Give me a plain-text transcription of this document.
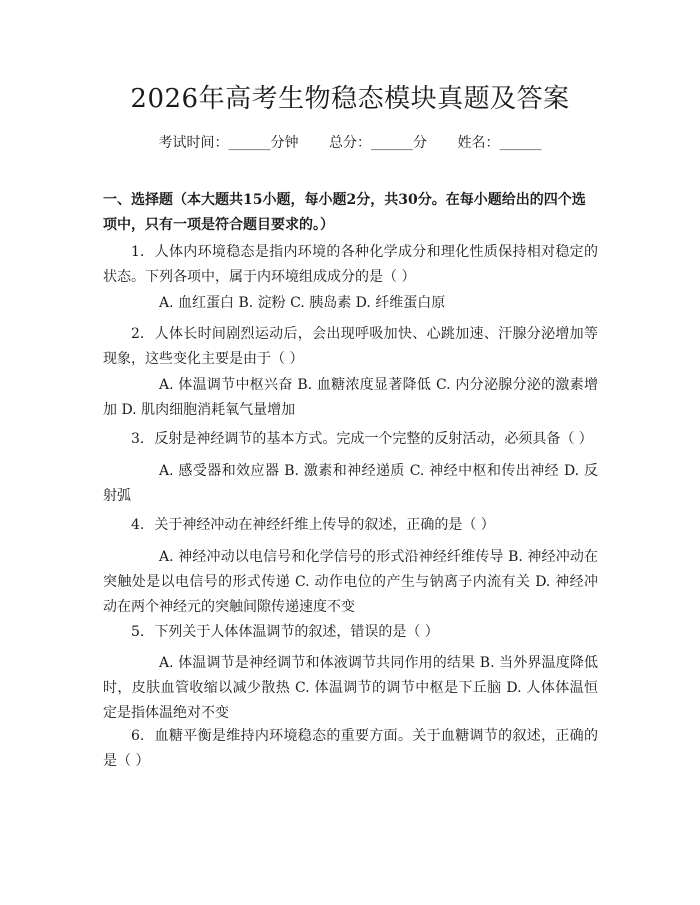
2026年高考生物稳态模块真题及答案
考试时间：______分钟 总分：______分 姓名：______
一、选择题（本大题共15小题，每小题2分，共30分。在每小题给出的四个选项中，只有一项是符合题目要求的。）
1. 人体内环境稳态是指内环境的各种化学成分和理化性质保持相对稳定的状态。下列各项中，属于内环境组成成分的是（ ）
A. 血红蛋白 B. 淀粉 C. 胰岛素 D. 纤维蛋白原
2. 人体长时间剧烈运动后，会出现呼吸加快、心跳加速、汗腺分泌增加等现象，这些变化主要是由于（ ）
A. 体温调节中枢兴奋 B. 血糖浓度显著降低 C. 内分泌腺分泌的激素增加 D. 肌肉细胞消耗氧气量增加
3. 反射是神经调节的基本方式。完成一个完整的反射活动，必须具备（ ）
A. 感受器和效应器 B. 激素和神经递质 C. 神经中枢和传出神经 D. 反射弧
4. 关于神经冲动在神经纤维上传导的叙述，正确的是（ ）
A. 神经冲动以电信号和化学信号的形式沿神经纤维传导 B. 神经冲动在突触处是以电信号的形式传递 C. 动作电位的产生与钠离子内流有关 D. 神经冲动在两个神经元的突触间隙传递速度不变
5. 下列关于人体体温调节的叙述，错误的是（ ）
A. 体温调节是神经调节和体液调节共同作用的结果 B. 当外界温度降低时，皮肤血管收缩以减少散热 C. 体温调节的调节中枢是下丘脑 D. 人体体温恒定是指体温绝对不变
6. 血糖平衡是维持内环境稳态的重要方面。关于血糖调节的叙述，正确的是（ ）
